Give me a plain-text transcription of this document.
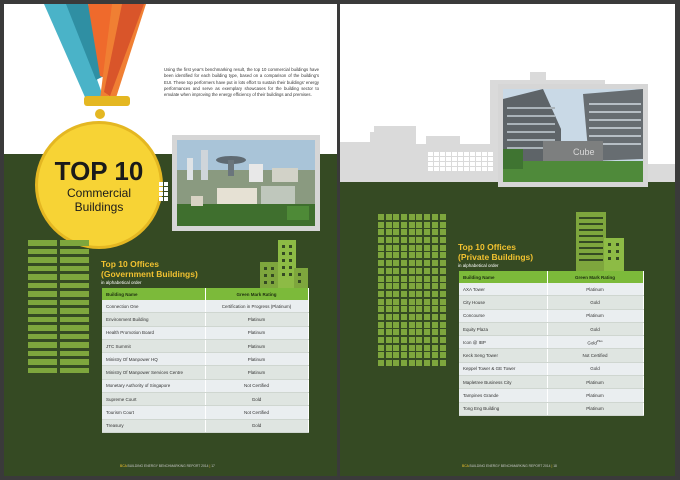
TOP 10
Commercial
Buildings
Using the first year's benchmarking result, the top 10 commercial buildings have been identified for each building type, based on a comparison of the building's EUI. These top performers have put in lots effort to sustain their buildings' energy performances and serve as exemplary showcases for the building sector to emulate when improving the energy efficiency of their buildings and premises.
Top 10 Offices
(Government Buildings)
in alphabetical order
Building Name	Green Mark Rating
Connection One	Certification in Progress (Platinum)
Environment Building	Platinum
Health Promotion Board	Platinum
JTC Summit	Platinum
Ministry Of Manpower HQ	Platinum
Ministry Of Manpower Services Centre	Platinum
Monetary Authority of Singapore	Not Certified
Supreme Court	Gold
Tourism Court	Not Certified
Treasury	Gold
BCA BUILDING ENERGY BENCHMARKING REPORT 2014 | 17
Cube
Top 10 Offices
(Private Buildings)
in alphabetical order
Building Name	Green Mark Rating
AXA Tower	Platinum
City House	Gold
Concourse	Platinum
Equity Plaza	Gold
Icon @ IBP	Gold$^{Plus}$
Keck Seng Tower	Not Certified
Keppel Tower & GE Tower	Gold
Mapletree Business City	Platinum
Tampines Grande	Platinum
Tong Eng Building	Platinum
BCA BUILDING ENERGY BENCHMARKING REPORT 2014 | 18
